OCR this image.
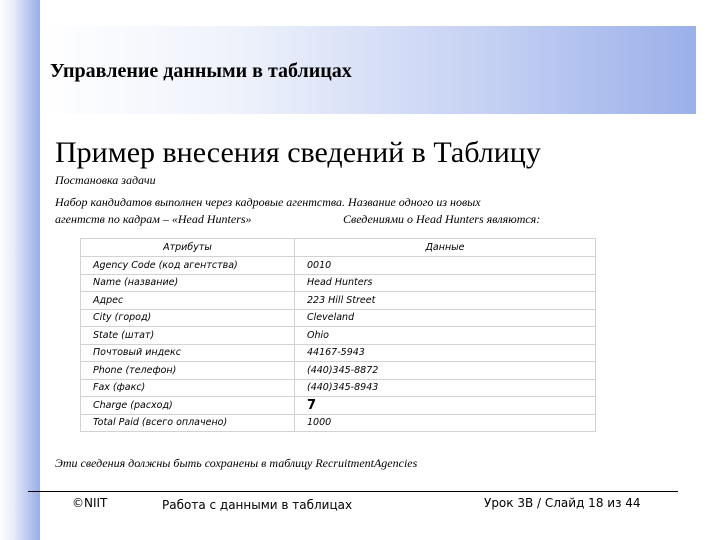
Управление данными в таблицах
Пример внесения сведений в Таблицу
Постановка задачи
Набор кандидатов выполнен через кадровые агентства. Название одного из новых
агентств по кадрам – «Head Hunters»	Сведениями о Head Hunters являются:
Атрибуты	Данные
Agency Code (код агентства)	0010
Name (название)	Head Hunters
Адрес	223 Hill Street
City (город)	Cleveland
State (штат)	Ohio
Почтовый индекс	44167-5943
Phone (телефон)	(440)345-8872
Fax (факс)	(440)345-8943
Charge (расход)	7
Total Paid (всего оплачено)	1000
Эти сведения должны быть сохранены в таблицу RecruitmentAgencies
©NIIT	Работа с данными в таблицах	Урок 3В / Слайд 18 из 44
